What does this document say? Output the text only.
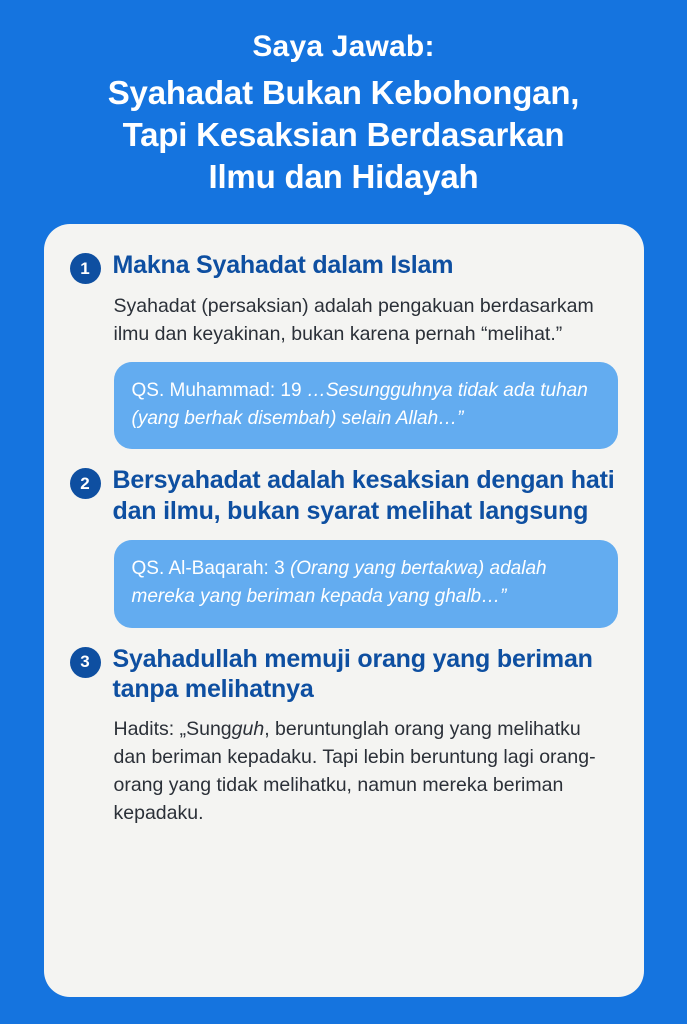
Saya Jawab:
Syahadat Bukan Kebohongan,
Tapi Kesaksian Berdasarkan
Ilmu dan Hidayah
1 Makna Syahadat dalam Islam
Syahadat (persaksian) adalah pengakuan berdasarkam ilmu dan keyakinan, bukan karena pernah “melihat.”
QS. Muhammad: 19 …Sesungguhnya tidak ada tuhan (yang berhak disembah) selain Allah…”
2 Bersyahadat adalah kesaksian dengan hati dan ilmu, bukan syarat melihat langsung
QS. Al-Baqarah: 3 (Orang yang bertakwa) adalah mereka yang beriman kepada yang ghalb…”
3 Syahadullah memuji orang yang beriman tanpa melihatnya
Hadits: „Sungguh, beruntunglah orang yang melihatku dan beriman kepadaku. Tapi lebin beruntung lagi orang-orang yang tidak melihatku, namun mereka beriman kepadaku.
